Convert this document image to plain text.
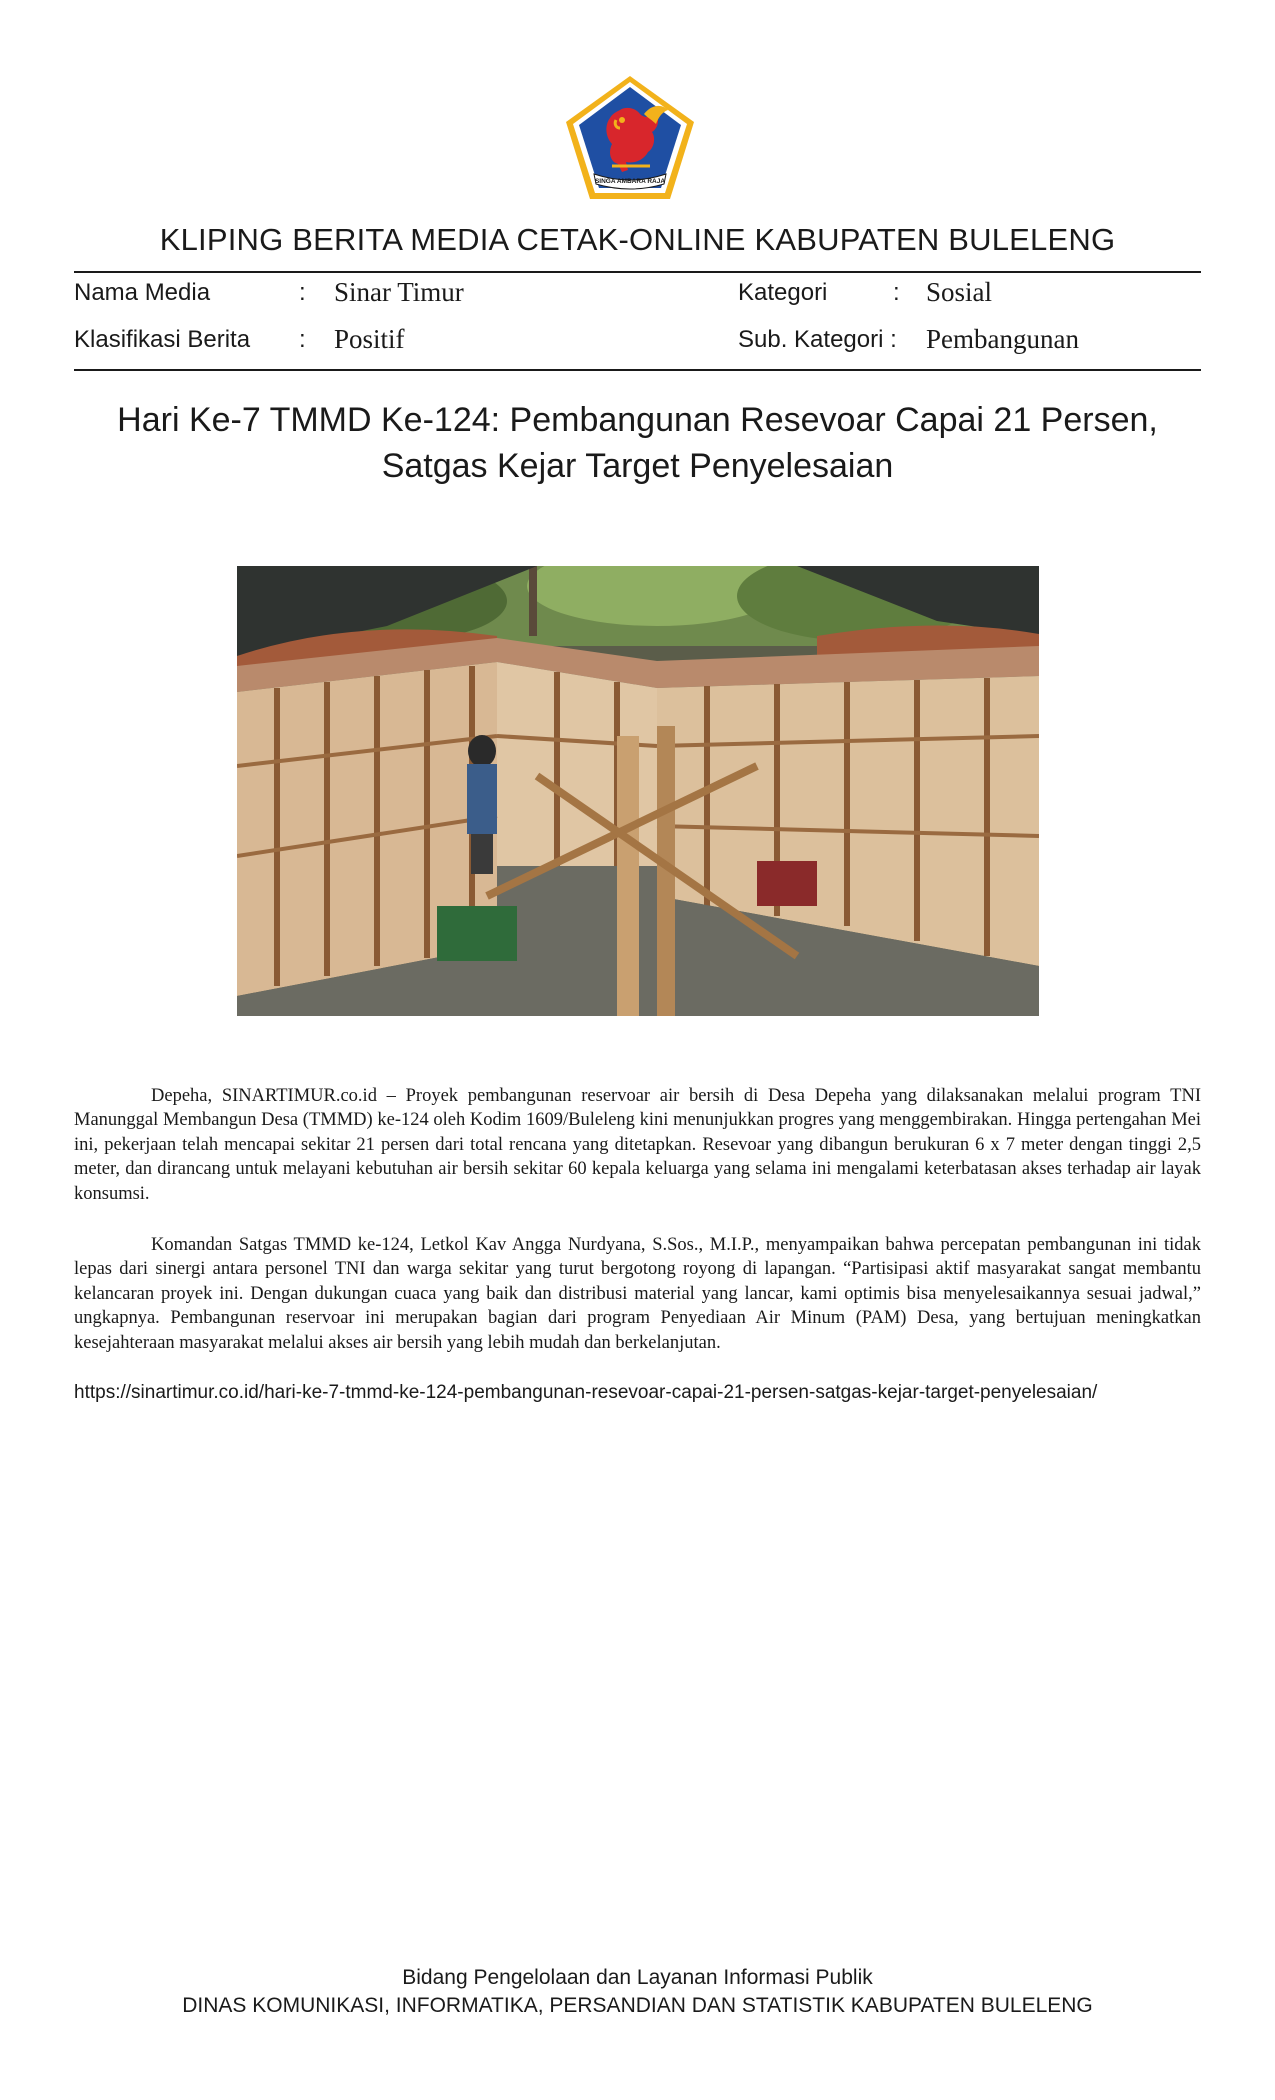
SINGA AMBARA RAJA
KLIPING BERITA MEDIA CETAK-ONLINE KABUPATEN BULELENG
Nama Media	: Sinar Timur	Kategori	: Sosial
Klasifikasi Berita : Positif	Sub. Kategori : Pembangunan
Hari Ke-7 TMMD Ke-124: Pembangunan Resevoar Capai 21 Persen,
Satgas Kejar Target Penyelesaian

Depeha, SINARTIMUR.co.id – Proyek pembangunan reservoar air bersih di Desa Depeha yang dilaksanakan melalui program TNI Manunggal Membangun Desa (TMMD) ke-124 oleh Kodim 1609/Buleleng kini menunjukkan progres yang menggembirakan. Hingga pertengahan Mei ini, pekerjaan telah mencapai sekitar 21 persen dari total rencana yang ditetapkan. Resevoar yang dibangun berukuran 6 x 7 meter dengan tinggi 2,5 meter, dan dirancang untuk melayani kebutuhan air bersih sekitar 60 kepala keluarga yang selama ini mengalami keterbatasan akses terhadap air layak konsumsi.

Komandan Satgas TMMD ke-124, Letkol Kav Angga Nurdyana, S.Sos., M.I.P., menyampaikan bahwa percepatan pembangunan ini tidak lepas dari sinergi antara personel TNI dan warga sekitar yang turut bergotong royong di lapangan. “Partisipasi aktif masyarakat sangat membantu kelancaran proyek ini. Dengan dukungan cuaca yang baik dan distribusi material yang lancar, kami optimis bisa menyelesaikannya sesuai jadwal,” ungkapnya. Pembangunan reservoar ini merupakan bagian dari program Penyediaan Air Minum (PAM) Desa, yang bertujuan meningkatkan kesejahteraan masyarakat melalui akses air bersih yang lebih mudah dan berkelanjutan.

https://sinartimur.co.id/hari-ke-7-tmmd-ke-124-pembangunan-resevoar-capai-21-persen-satgas-kejar-target-penyelesaian/
Bidang Pengelolaan dan Layanan Informasi Publik
DINAS KOMUNIKASI, INFORMATIKA, PERSANDIAN DAN STATISTIK KABUPATEN BULELENG
